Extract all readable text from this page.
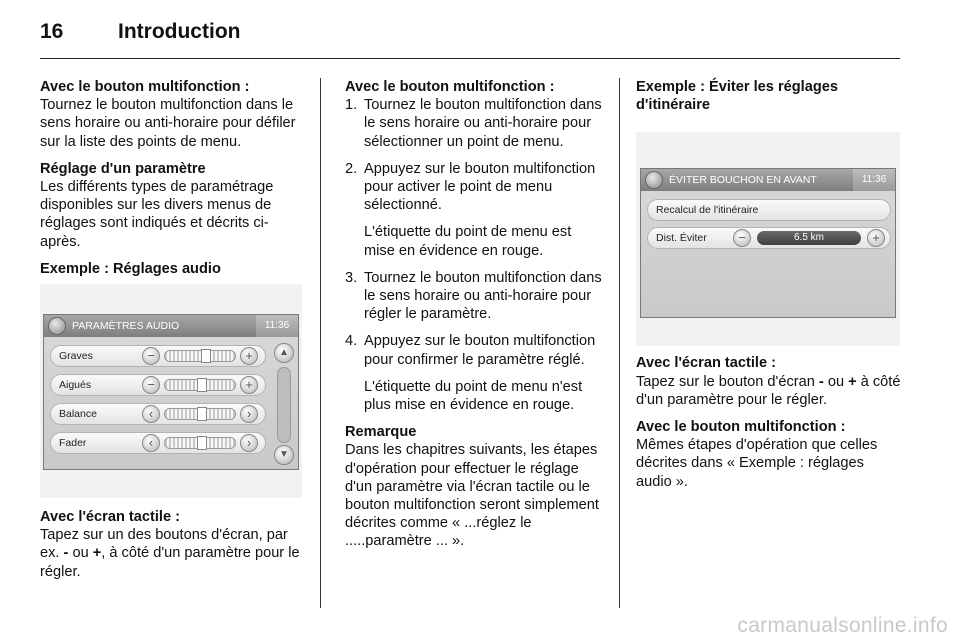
16	Introduction

Avec le bouton multifonction :
Tournez le bouton multifonction dans le sens horaire ou anti-horaire pour défiler sur la liste des points de menu.

Réglage d'un paramètre
Les différents types de paramétrage disponibles sur les divers menus de réglages sont indiqués et décrits ci-après.

Exemple : Réglages audio
PARAMÈTRES AUDIO	11:36
Graves	−	+
Aigués	−	+
Balance	‹	›
Fader	‹	›
▲
▼

Avec l'écran tactile :
Tapez sur un des boutons d'écran, par ex. - ou +, à côté d'un paramètre pour le régler.

Avec le bouton multifonction :
1. Tournez le bouton multifonction dans le sens horaire ou anti-horaire pour sélectionner un point de menu.
2. Appuyez sur le bouton multifonction pour activer le point de menu sélectionné.
L'étiquette du point de menu est mise en évidence en rouge.
3. Tournez le bouton multifonction dans le sens horaire ou anti-horaire pour régler le paramètre.
4. Appuyez sur le bouton multifonction pour confirmer le paramètre réglé.
L'étiquette du point de menu n'est plus mise en évidence en rouge.

Remarque
Dans les chapitres suivants, les étapes d'opération pour effectuer le réglage d'un paramètre via l'écran tactile ou le bouton multifonction seront simplement décrites comme « ...réglez le .....paramètre ... ».

Exemple : Éviter les réglages d'itinéraire
ÉVITER BOUCHON EN AVANT	11:36
Recalcul de l'itinéraire
Dist. Éviter	−	6.5 km	+

Avec l'écran tactile :
Tapez sur le bouton d'écran - ou + à côté d'un paramètre pour le régler.

Avec le bouton multifonction :
Mêmes étapes d'opération que celles décrites dans « Exemple : réglages audio ».

carmanualsonline.info
